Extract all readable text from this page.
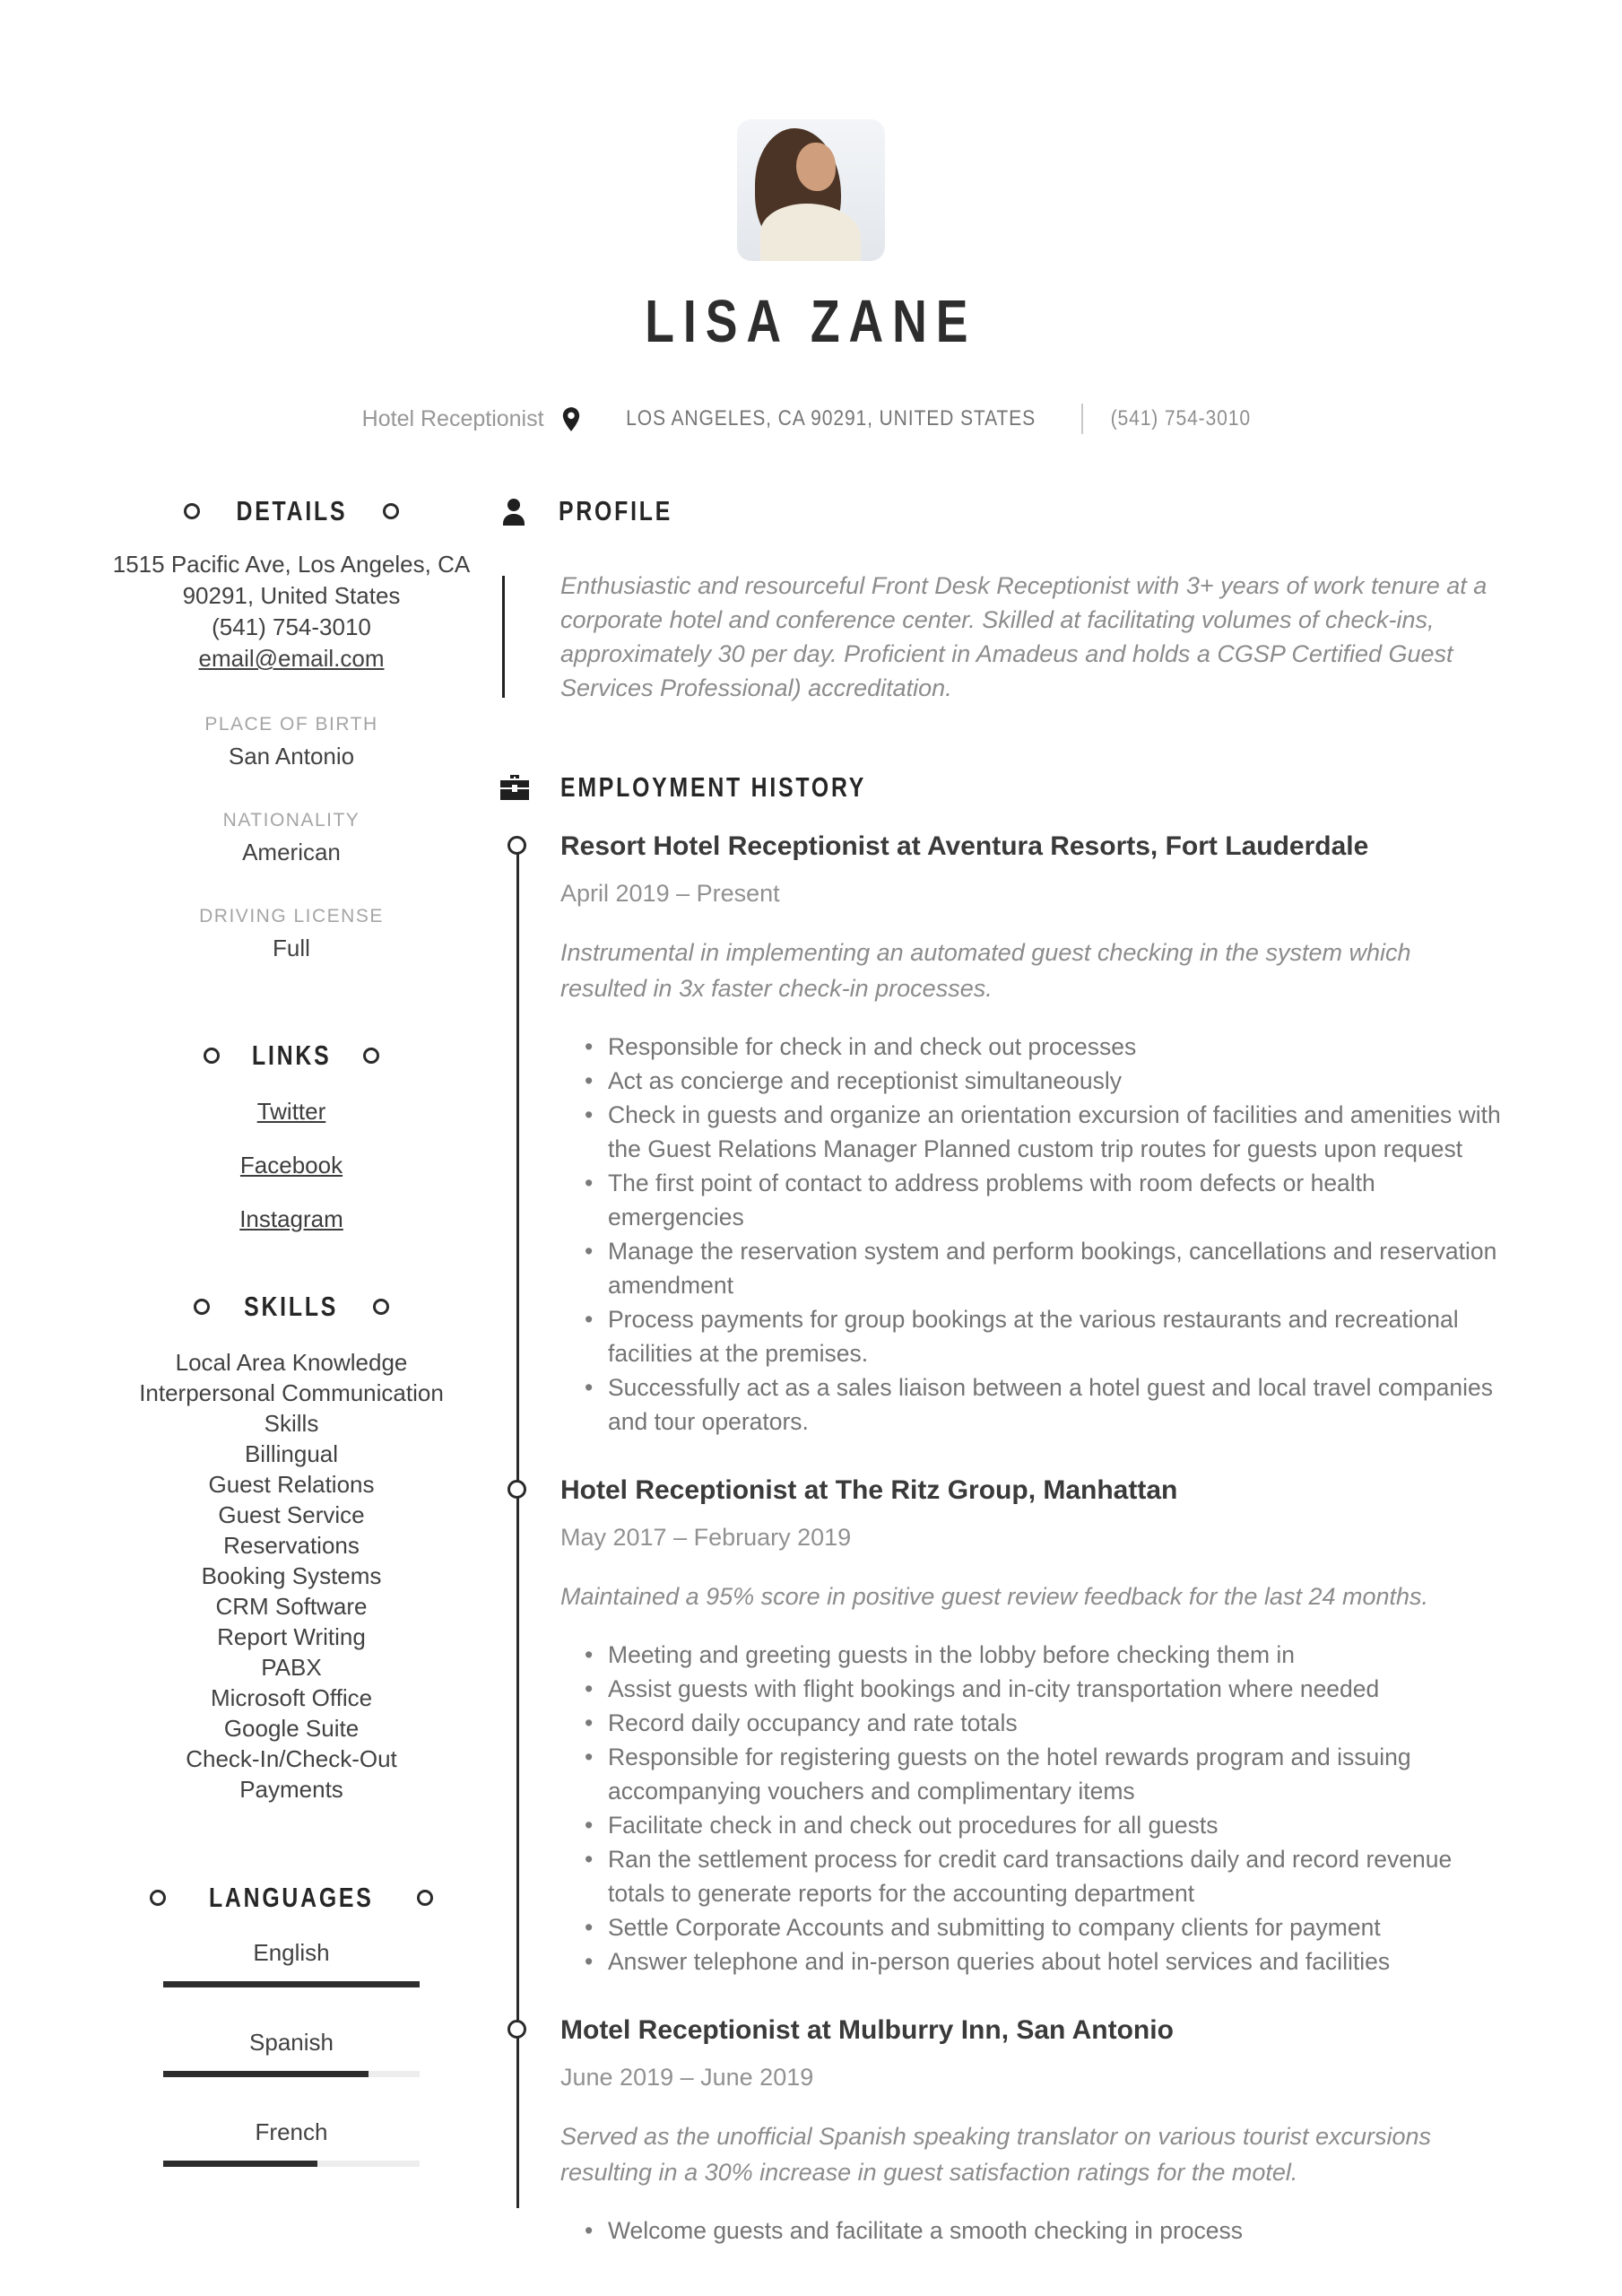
LISA ZANE
Hotel Receptionist	LOS ANGELES, CA 90291, UNITED STATES	(541) 754-3010
DETAILS
1515 Pacific Ave, Los Angeles, CA
90291, United States
(541) 754-3010
email@email.com
PLACE OF BIRTH
San Antonio
NATIONALITY
American
DRIVING LICENSE
Full
LINKS
Twitter
Facebook
Instagram
SKILLS
Local Area Knowledge
Interpersonal Communication Skills
Billingual
Guest Relations
Guest Service
Reservations
Booking Systems
CRM Software
Report Writing
PABX
Microsoft Office
Google Suite
Check-In/Check-Out
Payments
LANGUAGES
English
Spanish
French
PROFILE
Enthusiastic and resourceful Front Desk Receptionist with 3+ years of work tenure at a corporate hotel and conference center. Skilled at facilitating volumes of check-ins, approximately 30 per day. Proficient in Amadeus and holds a CGSP Certified Guest Services Professional) accreditation.
EMPLOYMENT HISTORY
Resort Hotel Receptionist at Aventura Resorts, Fort Lauderdale
April 2019 – Present
Instrumental in implementing an automated guest checking in the system which resulted in 3x faster check-in processes.
• Responsible for check in and check out processes
• Act as concierge and receptionist simultaneously
• Check in guests and organize an orientation excursion of facilities and amenities with the Guest Relations Manager Planned custom trip routes for guests upon request
• The first point of contact to address problems with room defects or health emergencies
• Manage the reservation system and perform bookings, cancellations and reservation amendment
• Process payments for group bookings at the various restaurants and recreational facilities at the premises.
• Successfully act as a sales liaison between a hotel guest and local travel companies and tour operators.
Hotel Receptionist at The Ritz Group, Manhattan
May 2017 – February 2019
Maintained a 95% score in positive guest review feedback for the last 24 months.
• Meeting and greeting guests in the lobby before checking them in
• Assist guests with flight bookings and in-city transportation where needed
• Record daily occupancy and rate totals
• Responsible for registering guests on the hotel rewards program and issuing accompanying vouchers and complimentary items
• Facilitate check in and check out procedures for all guests
• Ran the settlement process for credit card transactions daily and record revenue totals to generate reports for the accounting department
• Settle Corporate Accounts and submitting to company clients for payment
• Answer telephone and in-person queries about hotel services and facilities
Motel Receptionist at Mulburry Inn, San Antonio
June 2019 – June 2019
Served as the unofficial Spanish speaking translator on various tourist excursions resulting in a 30% increase in guest satisfaction ratings for the motel.
• Welcome guests and facilitate a smooth checking in process
